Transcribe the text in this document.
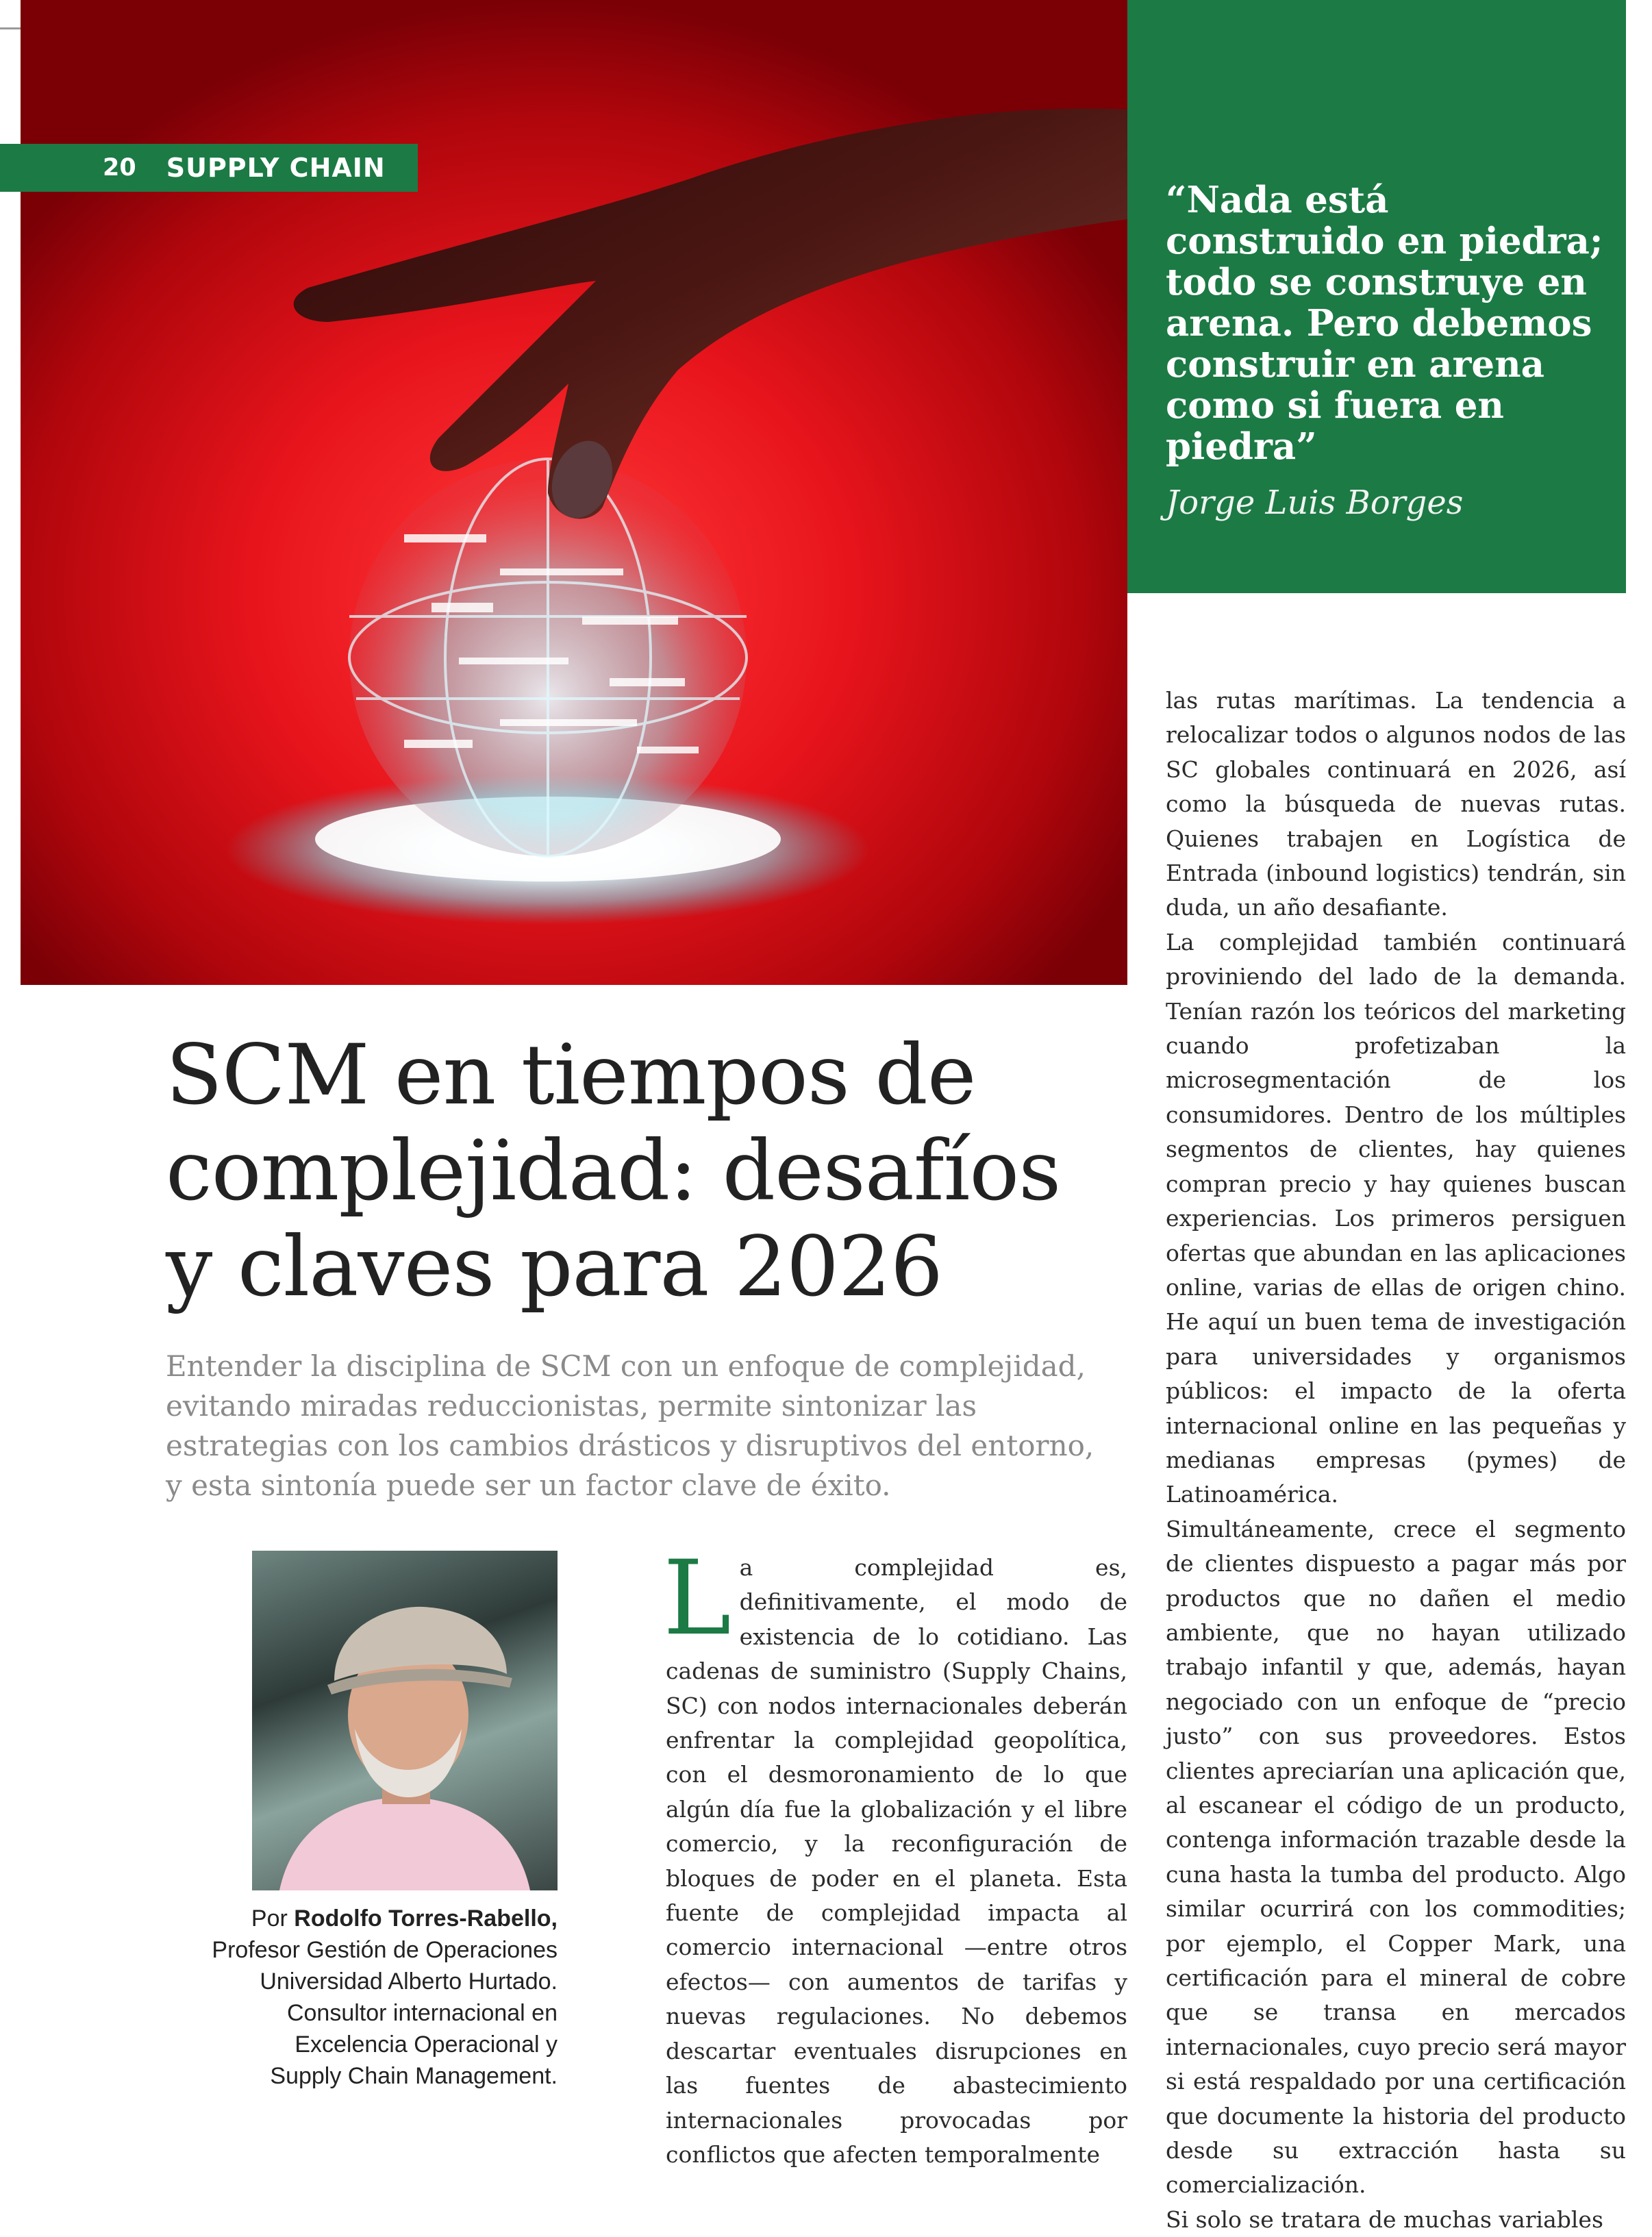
20 SUPPLY CHAIN
“Nada está construido en piedra; todo se construye en arena. Pero debemos construir en arena como si fuera en piedra”
Jorge Luis Borges
SCM en tiempos de complejidad: desafíos y claves para 2026
Entender la disciplina de SCM con un enfoque de complejidad, evitando miradas reduccionistas, permite sintonizar las estrategias con los cambios drásticos y disruptivos del entorno, y esta sintonía puede ser un factor clave de éxito.
Por Rodolfo Torres-Rabello,
Profesor Gestión de Operaciones
Universidad Alberto Hurtado.
Consultor internacional en
Excelencia Operacional y
Supply Chain Management.
L a complejidad es, definitivamente, el modo de existencia de lo cotidiano. Las cadenas de suministro (Supply Chains, SC) con nodos internacionales deberán enfrentar la complejidad geopolítica, con el desmoronamiento de lo que algún día fue la globalización y el libre comercio, y la reconfiguración de bloques de poder en el planeta. Esta fuente de complejidad impacta al comercio internacional —entre otros efectos— con aumentos de tarifas y nuevas regulaciones. No debemos descartar eventuales disrupciones en las fuentes de abastecimiento internacionales provocadas por conflictos que afecten temporalmente

las rutas marítimas. La tendencia a relocalizar todos o algunos nodos de las SC globales continuará en 2026, así como la búsqueda de nuevas rutas. Quienes trabajen en Logística de Entrada (inbound logistics) tendrán, sin duda, un año desafiante.

La complejidad también continuará proviniendo del lado de la demanda. Tenían razón los teóricos del marketing cuando profetizaban la microsegmentación de los consumidores. Dentro de los múltiples segmentos de clientes, hay quienes compran precio y hay quienes buscan experiencias. Los primeros persiguen ofertas que abundan en las aplicaciones online, varias de ellas de origen chino. He aquí un buen tema de investigación para universidades y organismos públicos: el impacto de la oferta internacional online en las pequeñas y medianas empresas (pymes) de Latinoamérica.

Simultáneamente, crece el segmento de clientes dispuesto a pagar más por productos que no dañen el medio ambiente, que no hayan utilizado trabajo infantil y que, además, hayan negociado con un enfoque de “precio justo” con sus proveedores. Estos clientes apreciarían una aplicación que, al escanear el código de un producto, contenga información trazable desde la cuna hasta la tumba del producto. Algo similar ocurrirá con los commodities; por ejemplo, el Copper Mark, una certificación para el mineral de cobre que se transa en mercados internacionales, cuyo precio será mayor si está respaldado por una certificación que documente la historia del producto desde su extracción hasta su comercialización.

Si solo se tratara de muchas variables
